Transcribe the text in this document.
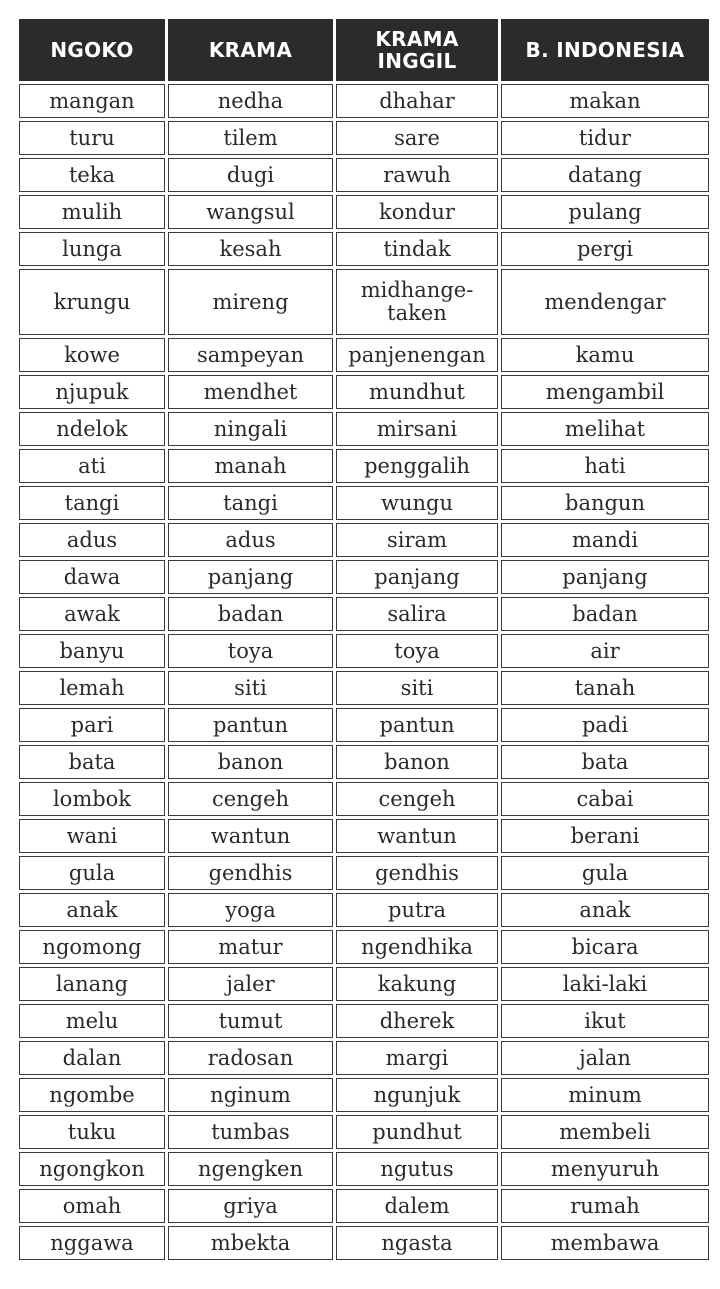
NGOKO	KRAMA	KRAMA INGGIL	B. INDONESIA
mangan	nedha	dhahar	makan
turu	tilem	sare	tidur
teka	dugi	rawuh	datang
mulih	wangsul	kondur	pulang
lunga	kesah	tindak	pergi
krungu	mireng	midhange-taken	mendengar
kowe	sampeyan	panjenengan	kamu
njupuk	mendhet	mundhut	mengambil
ndelok	ningali	mirsani	melihat
ati	manah	penggalih	hati
tangi	tangi	wungu	bangun
adus	adus	siram	mandi
dawa	panjang	panjang	panjang
awak	badan	salira	badan
banyu	toya	toya	air
lemah	siti	siti	tanah
pari	pantun	pantun	padi
bata	banon	banon	bata
lombok	cengeh	cengeh	cabai
wani	wantun	wantun	berani
gula	gendhis	gendhis	gula
anak	yoga	putra	anak
ngomong	matur	ngendhika	bicara
lanang	jaler	kakung	laki-laki
melu	tumut	dherek	ikut
dalan	radosan	margi	jalan
ngombe	nginum	ngunjuk	minum
tuku	tumbas	pundhut	membeli
ngongkon	ngengken	ngutus	menyuruh
omah	griya	dalem	rumah
nggawa	mbekta	ngasta	membawa
